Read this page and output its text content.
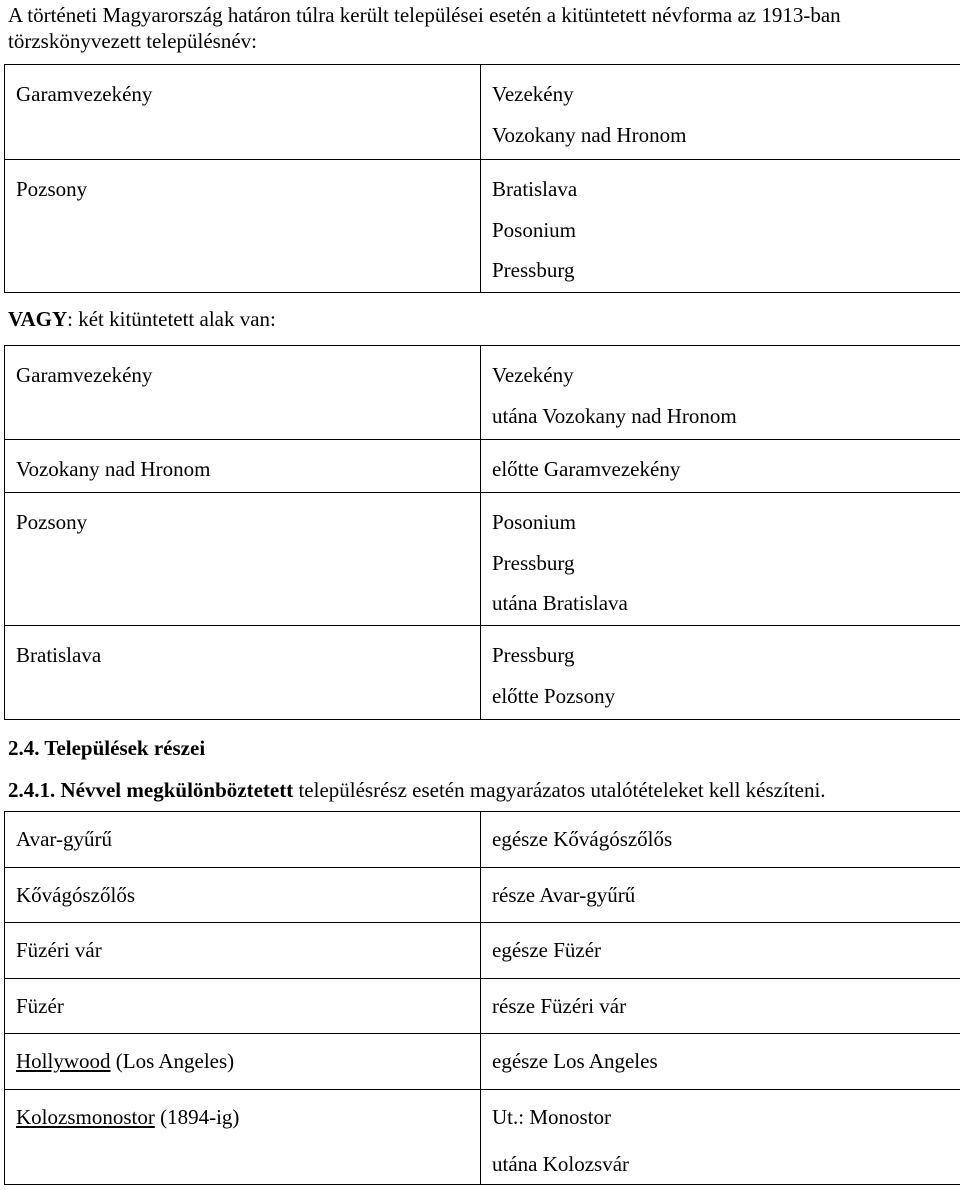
A történeti Magyarország határon túlra került települései esetén a kitüntetett névforma az 1913-ban törzskönyvezett településnév:
Garamvezekény	Vezekény
Vozokany nad Hronom

Pozsony	Bratislava
Posonium
Pressburg
VAGY: két kitüntetett alak van:
Garamvezekény	Vezekény
utána Vozokany nad Hronom

Vozokany nad Hronom	előtte Garamvezekény

Pozsony	Posonium
Pressburg
utána Bratislava

Bratislava	Pressburg
előtte Pozsony
2.4. Települések részei
2.4.1. Névvel megkülönböztetett településrész esetén magyarázatos utalótételeket kell készíteni.
Avar-gyűrű	egésze Kővágószőlős

Kővágószőlős	része Avar-gyűrű

Füzéri vár	egésze Füzér

Füzér	része Füzéri vár

Hollywood (Los Angeles)	egésze Los Angeles

Kolozsmonostor (1894-ig)	Ut.: Monostor
utána Kolozsvár
